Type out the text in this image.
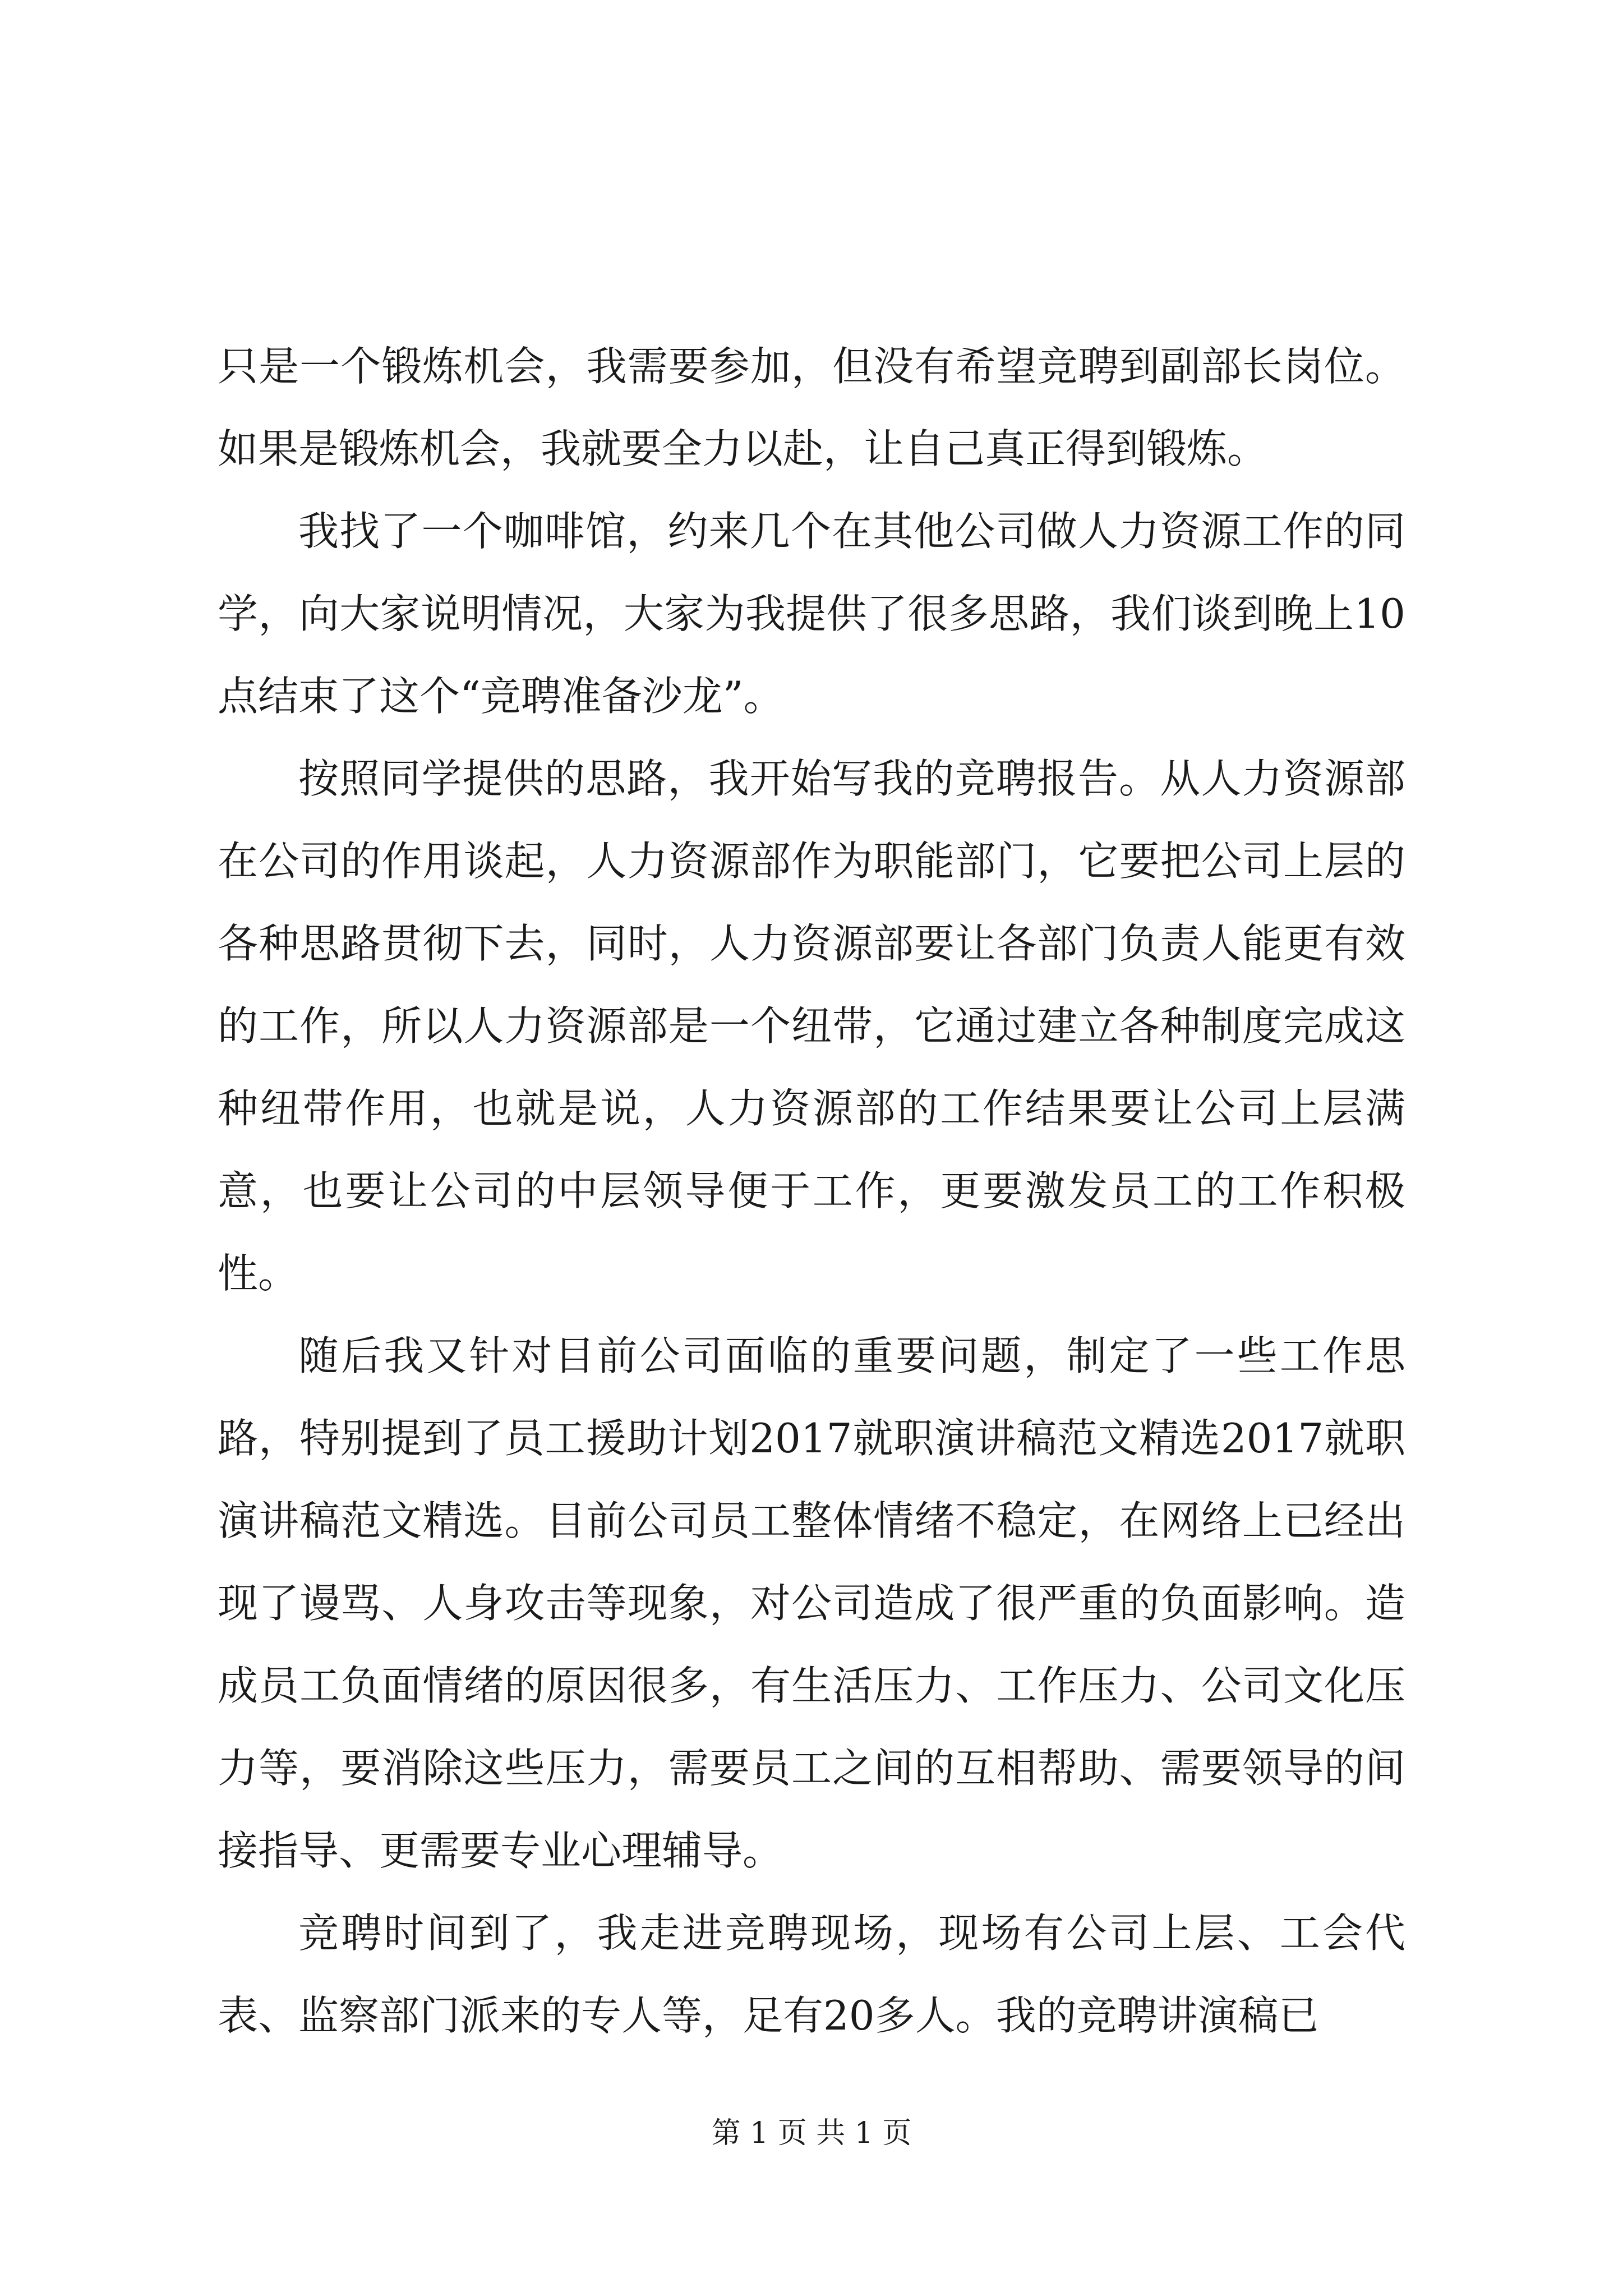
只是一个锻炼机会，我需要参加，但没有希望竞聘到副部长岗位。如果是锻炼机会，我就要全力以赴，让自己真正得到锻炼。

我找了一个咖啡馆，约来几个在其他公司做人力资源工作的同学，向大家说明情况，大家为我提供了很多思路，我们谈到晚上10点结束了这个“竞聘准备沙龙”。

按照同学提供的思路，我开始写我的竞聘报告。从人力资源部在公司的作用谈起，人力资源部作为职能部门，它要把公司上层的各种思路贯彻下去，同时，人力资源部要让各部门负责人能更有效的工作，所以人力资源部是一个纽带，它通过建立各种制度完成这种纽带作用，也就是说，人力资源部的工作结果要让公司上层满意，也要让公司的中层领导便于工作，更要激发员工的工作积极性。

随后我又针对目前公司面临的重要问题，制定了一些工作思路，特别提到了员工援助计划2017就职演讲稿范文精选2017就职演讲稿范文精选。目前公司员工整体情绪不稳定，在网络上已经出现了谩骂、人身攻击等现象，对公司造成了很严重的负面影响。造成员工负面情绪的原因很多，有生活压力、工作压力、公司文化压力等，要消除这些压力，需要员工之间的互相帮助、需要领导的间接指导、更需要专业心理辅导。

竞聘时间到了，我走进竞聘现场，现场有公司上层、工会代表、监察部门派来的专人等，足有20多人。我的竞聘讲演稿已

第 1 页 共 1 页
